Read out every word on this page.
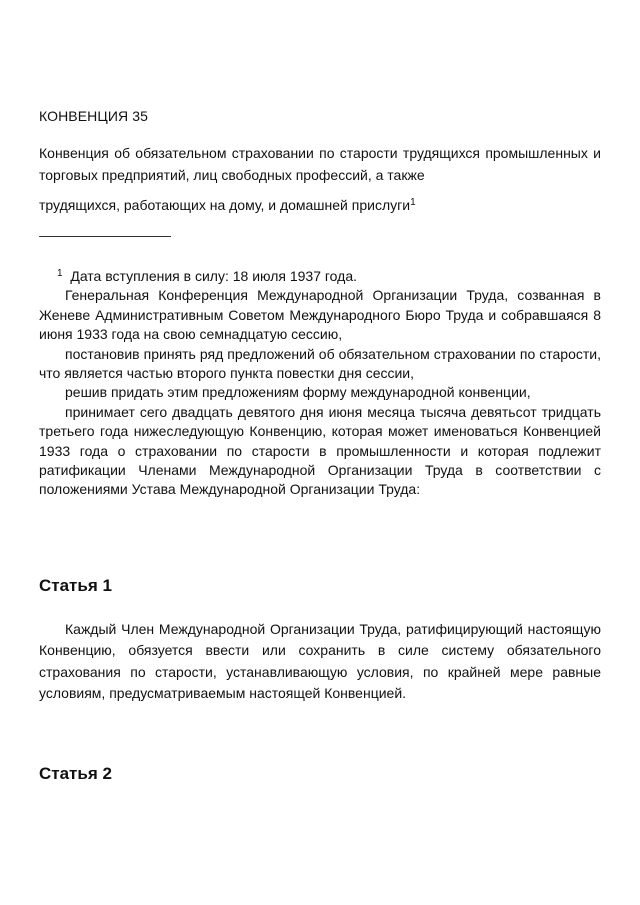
КОНВЕНЦИЯ 35
Конвенция об обязательном страховании по старости трудящихся промышленных и торговых предприятий, лиц свободных профессий, а также
трудящихся, работающих на дому, и домашней прислуги$^1$

$^1$ Дата вступления в силу: 18 июля 1937 года.

Генеральная Конференция Международной Организации Труда, созванная в Женеве Административным Советом Международного Бюро Труда и собравшаяся 8 июня 1933 года на свою семнадцатую сессию,

постановив принять ряд предложений об обязательном страховании по старости, что является частью второго пункта повестки дня сессии,

решив придать этим предложениям форму международной конвенции,

принимает сего двадцать девятого дня июня месяца тысяча девятьсот тридцать третьего года нижеследующую Конвенцию, которая может именоваться Конвенцией 1933 года о страховании по старости в промышленности и которая подлежит ратификации Членами Международной Организации Труда в соответствии с положениями Устава Международной Организации Труда:

Статья 1

Каждый Член Международной Организации Труда, ратифицирующий настоящую Конвенцию, обязуется ввести или сохранить в силе систему обязательного страхования по старости, устанавливающую условия, по крайней мере равные условиям, предусматриваемым настоящей Конвенцией.

Статья 2
